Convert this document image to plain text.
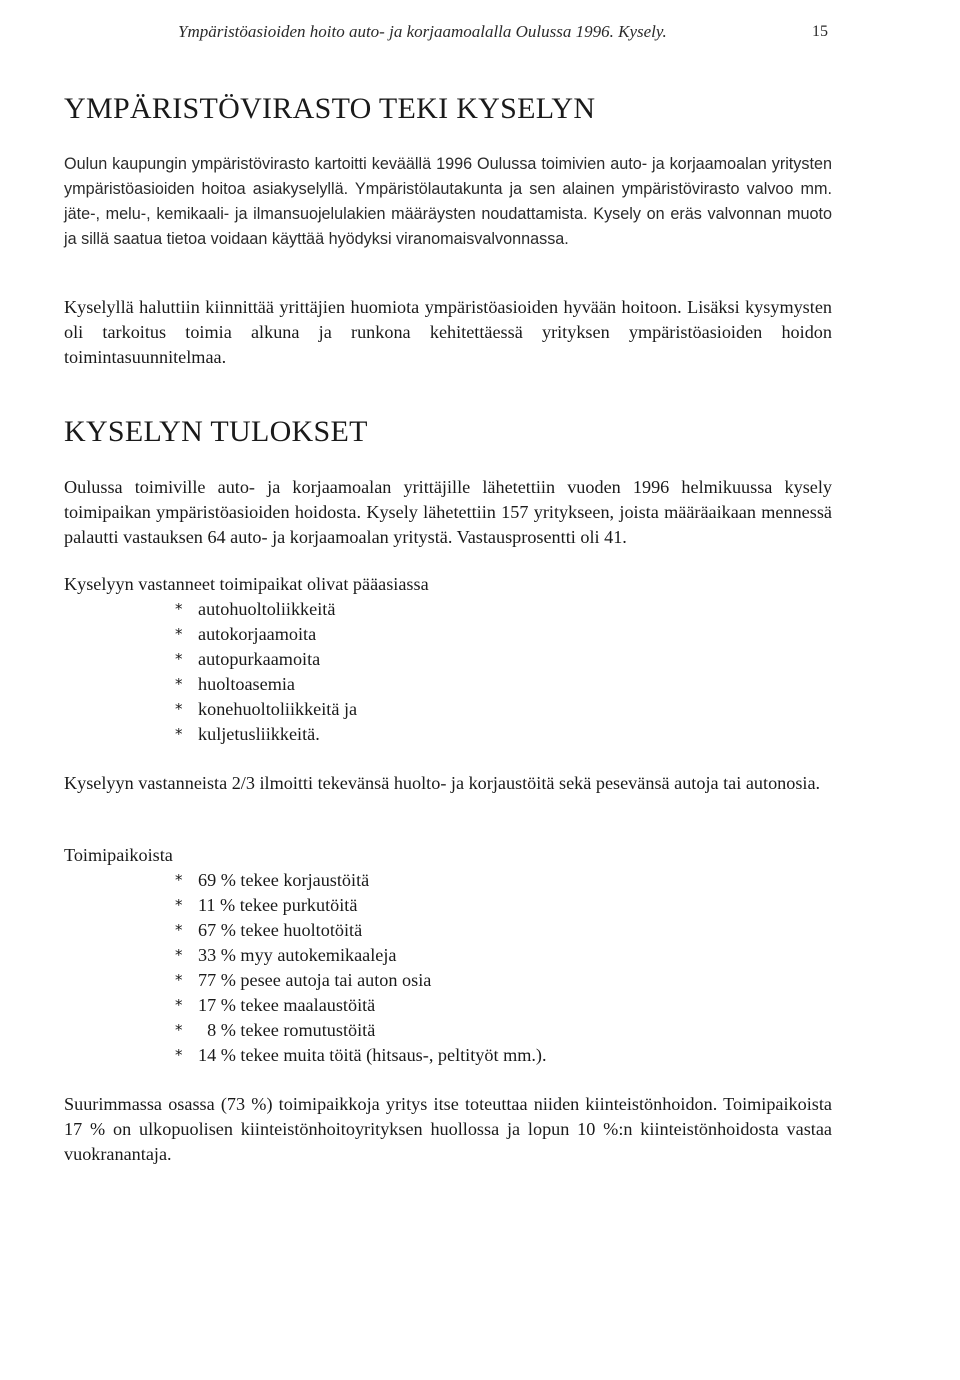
Ympäristöasioiden hoito auto- ja korjaamoalalla Oulussa 1996. Kysely.	15
YMPÄRISTÖVIRASTO TEKI KYSELYN

Oulun kaupungin ympäristövirasto kartoitti keväällä 1996 Oulussa toimivien auto- ja korjaamoalan yritysten ympäristöasioiden hoitoa asiakyselyllä. Ympäristölautakunta ja sen alainen ympäristövirasto valvoo mm. jäte-, melu-, kemikaali- ja ilmansuojelulakien määräysten noudattamista. Kysely on eräs valvonnan muoto ja sillä saatua tietoa voidaan käyttää hyödyksi viranomaisvalvonnassa.

Kyselyllä haluttiin kiinnittää yrittäjien huomiota ympäristöasioiden hyvään hoitoon. Lisäksi kysymysten oli tarkoitus toimia alkuna ja runkona kehitettäessä yrityksen ympäristöasioiden hoidon toimintasuunnitelmaa.

KYSELYN TULOKSET

Oulussa toimiville auto- ja korjaamoalan yrittäjille lähetettiin vuoden 1996 helmikuussa kysely toimipaikan ympäristöasioiden hoidosta. Kysely lähetettiin 157 yritykseen, joista määräaikaan mennessä palautti vastauksen 64 auto- ja korjaamoalan yritystä. Vastausprosentti oli 41.

Kyselyyn vastanneet toimipaikat olivat pääasiassa

* autohuoltoliikkeitä
* autokorjaamoita
* autopurkaamoita
* huoltoasemia
* konehuoltoliikkeitä ja
* kuljetusliikkeitä.

Kyselyyn vastanneista 2/3 ilmoitti tekevänsä huolto- ja korjaustöitä sekä pesevänsä autoja tai autonosia.

Toimipaikoista

* 69 % tekee korjaustöitä
* 11 % tekee purkutöitä
* 67 % tekee huoltotöitä
* 33 % myy autokemikaaleja
* 77 % pesee autoja tai auton osia
* 17 % tekee maalaustöitä
*  8 % tekee romutustöitä
* 14 % tekee muita töitä (hitsaus-, peltityöt mm.).

Suurimmassa osassa (73 %) toimipaikkoja yritys itse toteuttaa niiden kiinteistönhoidon. Toimipaikoista 17 % on ulkopuolisen kiinteistönhoitoyrityksen huollossa ja lopun 10 %:n kiinteistönhoidosta vastaa vuokranantaja.
